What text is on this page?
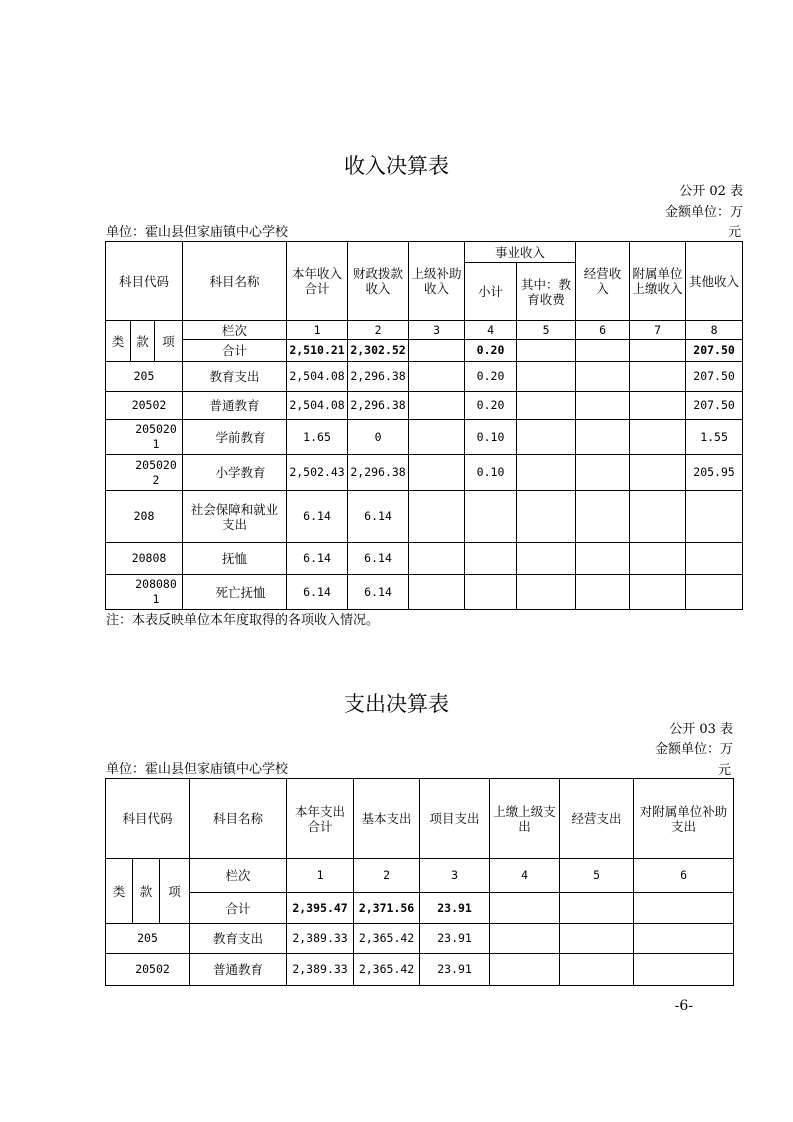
收入决算表
公开 02 表
金额单位：万
单位：霍山县但家庙镇中心学校	元
科目代码			科目名称	本年收入合计	财政拨款收入	上级补助收入	事业收入		经营收入	附属单位上缴收入	其他收入
							小计	其中：教育收费			
类	款	项	栏次	1	2	3	4	5	6	7	8
			合计	2,510.21	2,302.52		0.20				207.50
205			教育支出	2,504.08	2,296.38		0.20				207.50
20502			普通教育	2,504.08	2,296.38		0.20				207.50
2050201			学前教育	1.65	0		0.10				1.55
2050202			小学教育	2,502.43	2,296.38		0.10				205.95
208			社会保障和就业支出	6.14	6.14						
20808			抚恤	6.14	6.14						
2080801			死亡抚恤	6.14	6.14						
注：本表反映单位本年度取得的各项收入情况。
支出决算表
公开 03 表
金额单位：万
单位：霍山县但家庙镇中心学校	元
科目代码			科目名称	本年支出合计	基本支出	项目支出	上缴上级支出	经营支出	对附属单位补助支出
类	款	项	栏次	1	2	3	4	5	6
			合计	2,395.47	2,371.56	23.91			
205			教育支出	2,389.33	2,365.42	23.91			
20502			普通教育	2,389.33	2,365.42	23.91			
-6-
